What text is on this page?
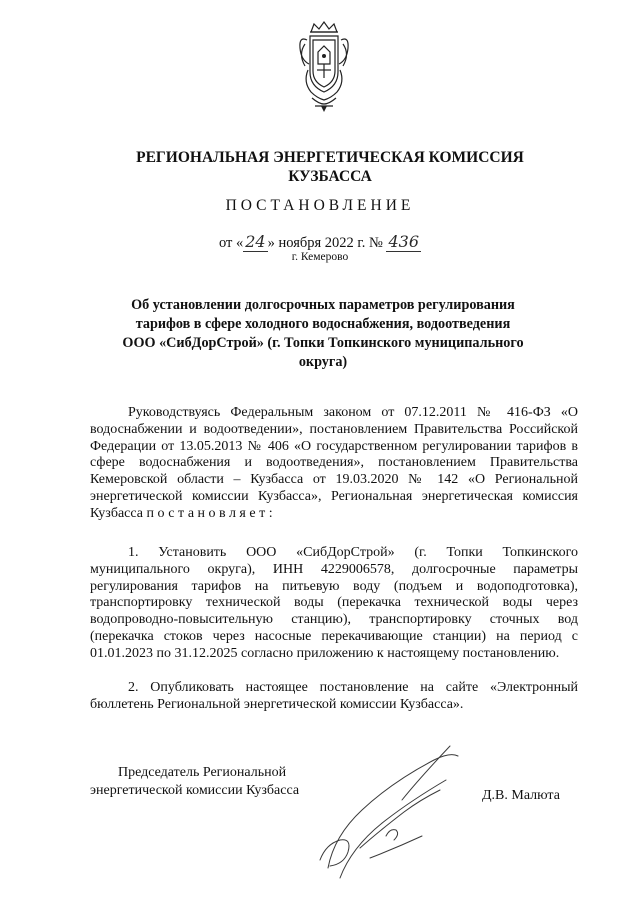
РЕГИОНАЛЬНАЯ ЭНЕРГЕТИЧЕСКАЯ КОМИССИЯ
КУЗБАССА
ПОСТАНОВЛЕНИЕ
от « 24 » ноября 2022 г. № 436
г. Кемерово
Об установлении долгосрочных параметров регулирования
тарифов в сфере холодного водоснабжения, водоотведения
ООО «СибДорСтрой» (г. Топки Топкинского муниципального
округа)
Руководствуясь Федеральным законом от 07.12.2011 № 416-ФЗ «О водоснабжении и водоотведении», постановлением Правительства Российской Федерации от 13.05.2013 № 406 «О государственном регулировании тарифов в сфере водоснабжения и водоотведения», постановлением Правительства Кемеровской области – Кузбасса от 19.03.2020 № 142 «О Региональной энергетической комиссии Кузбасса», Региональная энергетическая комиссия Кузбасса постановляет:
1. Установить ООО «СибДорСтрой» (г. Топки Топкинского муниципального округа), ИНН 4229006578, долгосрочные параметры регулирования тарифов на питьевую воду (подъем и водоподготовка), транспортировку технической воды (перекачка технической воды через водопроводно-повысительную станцию), транспортировку сточных вод (перекачка стоков через насосные перекачивающие станции) на период с 01.01.2023 по 31.12.2025 согласно приложению к настоящему постановлению.
2. Опубликовать настоящее постановление на сайте «Электронный бюллетень Региональной энергетической комиссии Кузбасса».
Председатель Региональной
энергетической комиссии Кузбасса	Д.В. Малюта
